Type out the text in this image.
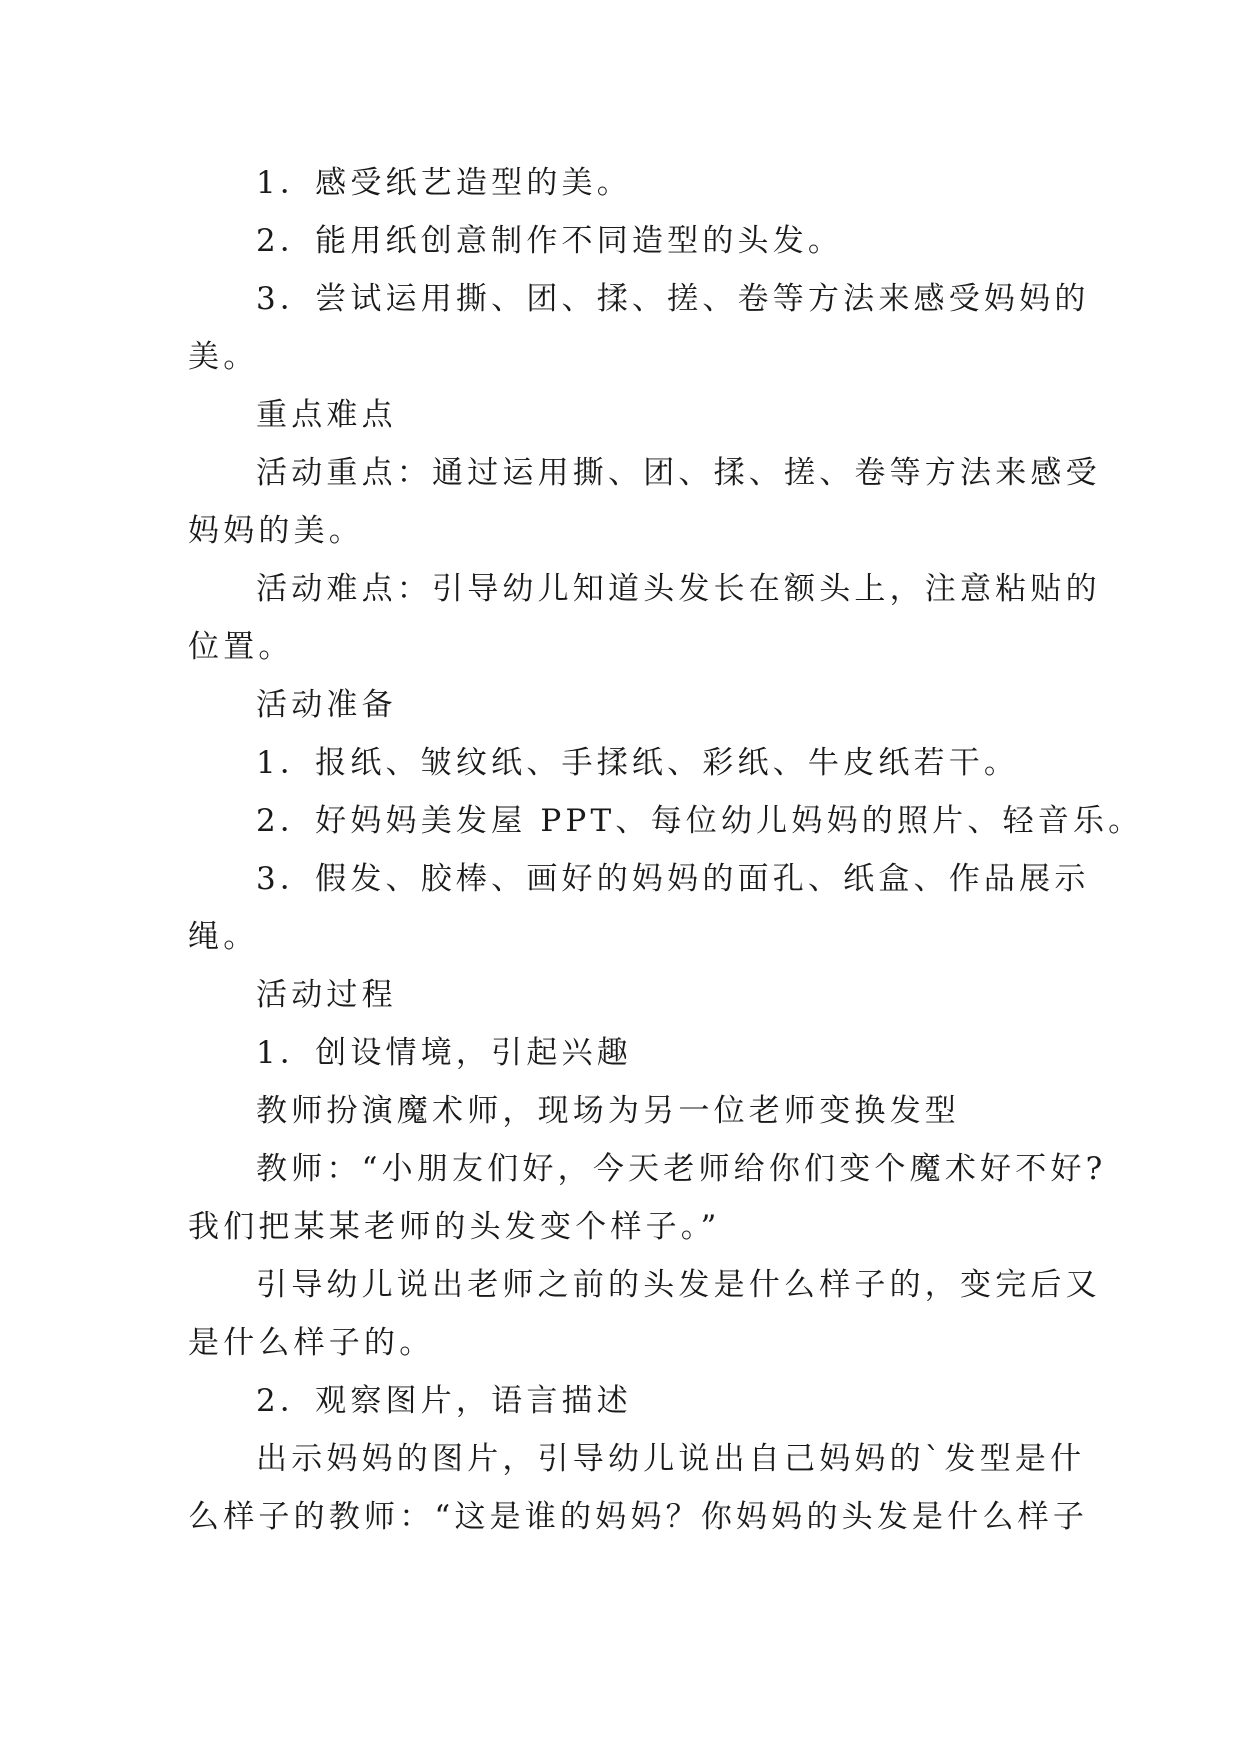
1．感受纸艺造型的美。

2．能用纸创意制作不同造型的头发。

3．尝试运用撕、团、揉、搓、卷等方法来感受妈妈的

美。

重点难点

活动重点：通过运用撕、团、揉、搓、卷等方法来感受

妈妈的美。

活动难点：引导幼儿知道头发长在额头上，注意粘贴的

位置。

活动准备

1．报纸、皱纹纸、手揉纸、彩纸、牛皮纸若干。

2．好妈妈美发屋 PPT、每位幼儿妈妈的照片、轻音乐。

3．假发、胶棒、画好的妈妈的面孔、纸盒、作品展示

绳。

活动过程

1．创设情境，引起兴趣

教师扮演魔术师，现场为另一位老师变换发型

教师：“小朋友们好，今天老师给你们变个魔术好不好?

我们把某某老师的头发变个样子。”

引导幼儿说出老师之前的头发是什么样子的，变完后又

是什么样子的。

2．观察图片，语言描述

出示妈妈的图片，引导幼儿说出自己妈妈的`发型是什

么样子的教师：“这是谁的妈妈？你妈妈的头发是什么样子
